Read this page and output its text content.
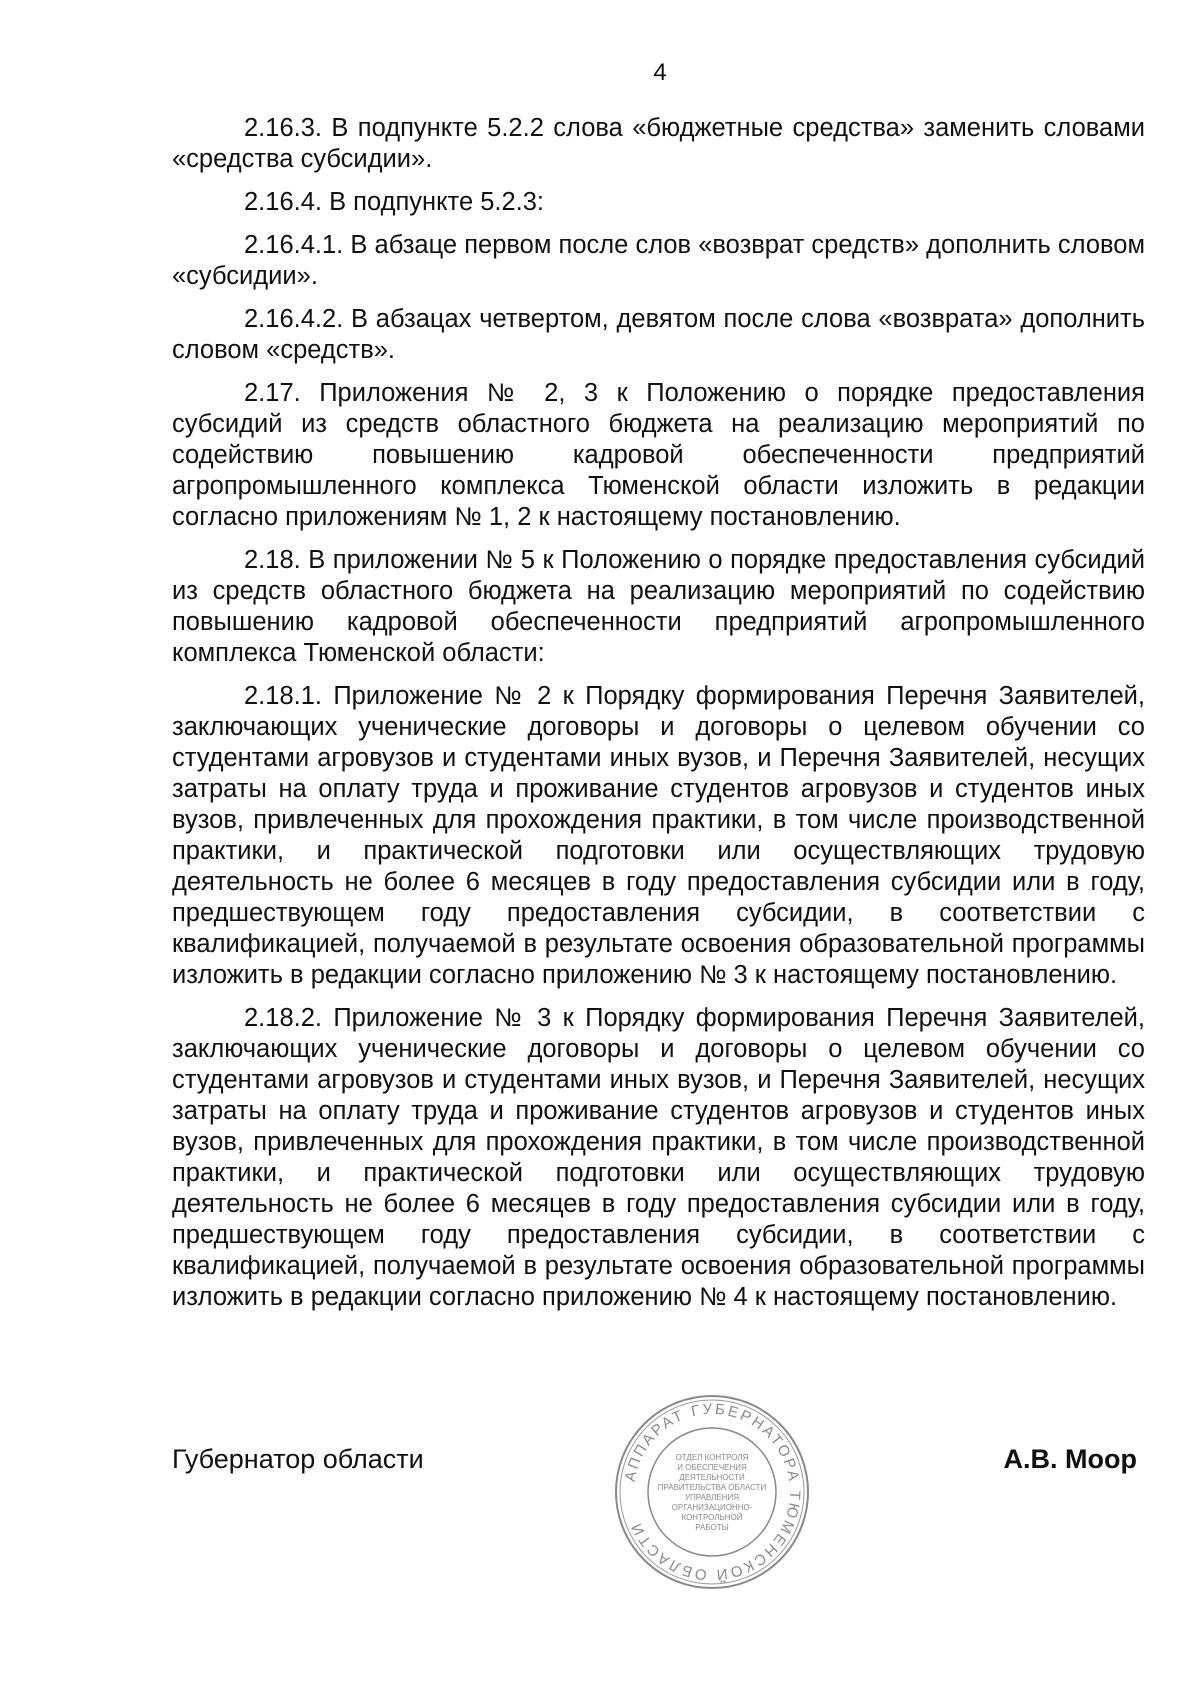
4

2.16.3. В подпункте 5.2.2 слова «бюджетные средства» заменить словами «средства субсидии».

2.16.4. В подпункте 5.2.3:

2.16.4.1. В абзаце первом после слов «возврат средств» дополнить словом «субсидии».

2.16.4.2. В абзацах четвертом, девятом после слова «возврата» дополнить словом «средств».

2.17. Приложения № 2, 3 к Положению о порядке предоставления субсидий из средств областного бюджета на реализацию мероприятий по содействию повышению кадровой обеспеченности предприятий агропромышленного комплекса Тюменской области изложить в редакции согласно приложениям № 1, 2 к настоящему постановлению.

2.18. В приложении № 5 к Положению о порядке предоставления субсидий из средств областного бюджета на реализацию мероприятий по содействию повышению кадровой обеспеченности предприятий агропромышленного комплекса Тюменской области:

2.18.1. Приложение № 2 к Порядку формирования Перечня Заявителей, заключающих ученические договоры и договоры о целевом обучении со студентами агровузов и студентами иных вузов, и Перечня Заявителей, несущих затраты на оплату труда и проживание студентов агровузов и студентов иных вузов, привлеченных для прохождения практики, в том числе производственной практики, и практической подготовки или осуществляющих трудовую деятельность не более 6 месяцев в году предоставления субсидии или в году, предшествующем году предоставления субсидии, в соответствии с квалификацией, получаемой в результате освоения образовательной программы изложить в редакции согласно приложению № 3 к настоящему постановлению.

2.18.2. Приложение № 3 к Порядку формирования Перечня Заявителей, заключающих ученические договоры и договоры о целевом обучении со студентами агровузов и студентами иных вузов, и Перечня Заявителей, несущих затраты на оплату труда и проживание студентов агровузов и студентов иных вузов, привлеченных для прохождения практики, в том числе производственной практики, и практической подготовки или осуществляющих трудовую деятельность не более 6 месяцев в году предоставления субсидии или в году, предшествующем году предоставления субсидии, в соответствии с квалификацией, получаемой в результате освоения образовательной программы изложить в редакции согласно приложению № 4 к настоящему постановлению.

Губернатор области
АППАРАТ ГУБЕРНАТОРА ТЮМЕНСКОЙ ОБЛАСТИ
ОТДЕЛ КОНТРОЛЯ
И ОБЕСПЕЧЕНИЯ
ДЕЯТЕЛЬНОСТИ
ПРАВИТЕЛЬСТВА ОБЛАСТИ
УПРАВЛЕНИЯ
ОРГАНИЗАЦИОННО-
КОНТРОЛЬНОЙ
РАБОТЫ
А.В. Моор
